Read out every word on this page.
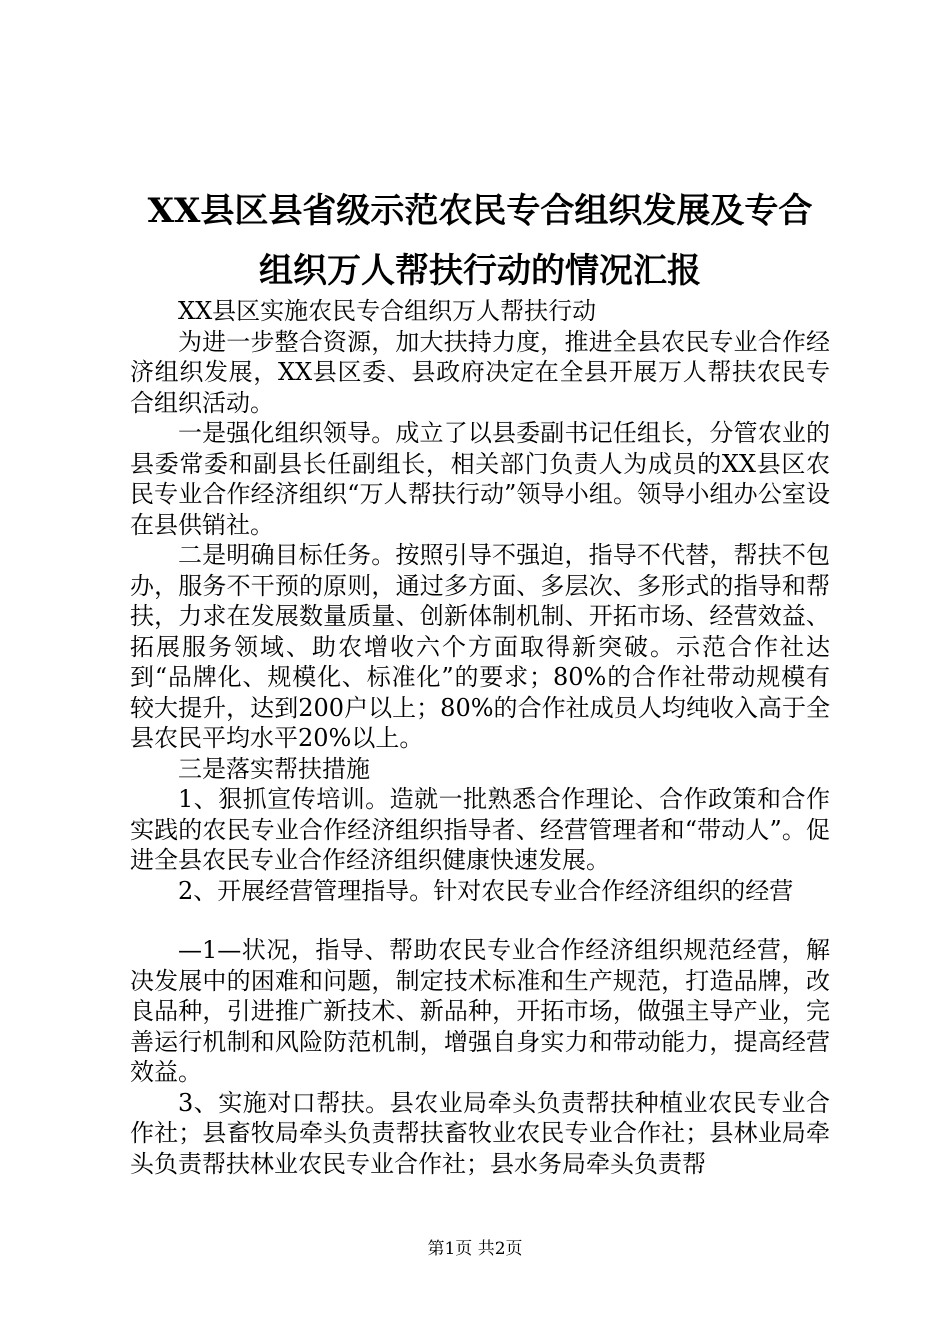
XX县区县省级示范农民专合组织发展及专合
组织万人帮扶行动的情况汇报

XX县区实施农民专合组织万人帮扶行动

为进一步整合资源，加大扶持力度，推进全县农民专业合作经济组织发展，XX县区委、县政府决定在全县开展万人帮扶农民专合组织活动。

一是强化组织领导。成立了以县委副书记任组长，分管农业的县委常委和副县长任副组长，相关部门负责人为成员的XX县区农民专业合作经济组织“万人帮扶行动”领导小组。领导小组办公室设在县供销社。

二是明确目标任务。按照引导不强迫，指导不代替，帮扶不包办，服务不干预的原则，通过多方面、多层次、多形式的指导和帮扶，力求在发展数量质量、创新体制机制、开拓市场、经营效益、拓展服务领域、助农增收六个方面取得新突破。示范合作社达到“品牌化、规模化、标准化”的要求；80%的合作社带动规模有较大提升，达到200户以上；80%的合作社成员人均纯收入高于全县农民平均水平20%以上。

三是落实帮扶措施

1、狠抓宣传培训。造就一批熟悉合作理论、合作政策和合作实践的农民专业合作经济组织指导者、经营管理者和“带动人”。促进全县农民专业合作经济组织健康快速发展。

2、开展经营管理指导。针对农民专业合作经济组织的经营

—1—状况，指导、帮助农民专业合作经济组织规范经营，解决发展中的困难和问题，制定技术标准和生产规范，打造品牌，改良品种，引进推广新技术、新品种，开拓市场，做强主导产业，完善运行机制和风险防范机制，增强自身实力和带动能力，提高经营效益。

3、实施对口帮扶。县农业局牵头负责帮扶种植业农民专业合作社；县畜牧局牵头负责帮扶畜牧业农民专业合作社；县林业局牵头负责帮扶林业农民专业合作社；县水务局牵头负责帮

第1页 共2页
